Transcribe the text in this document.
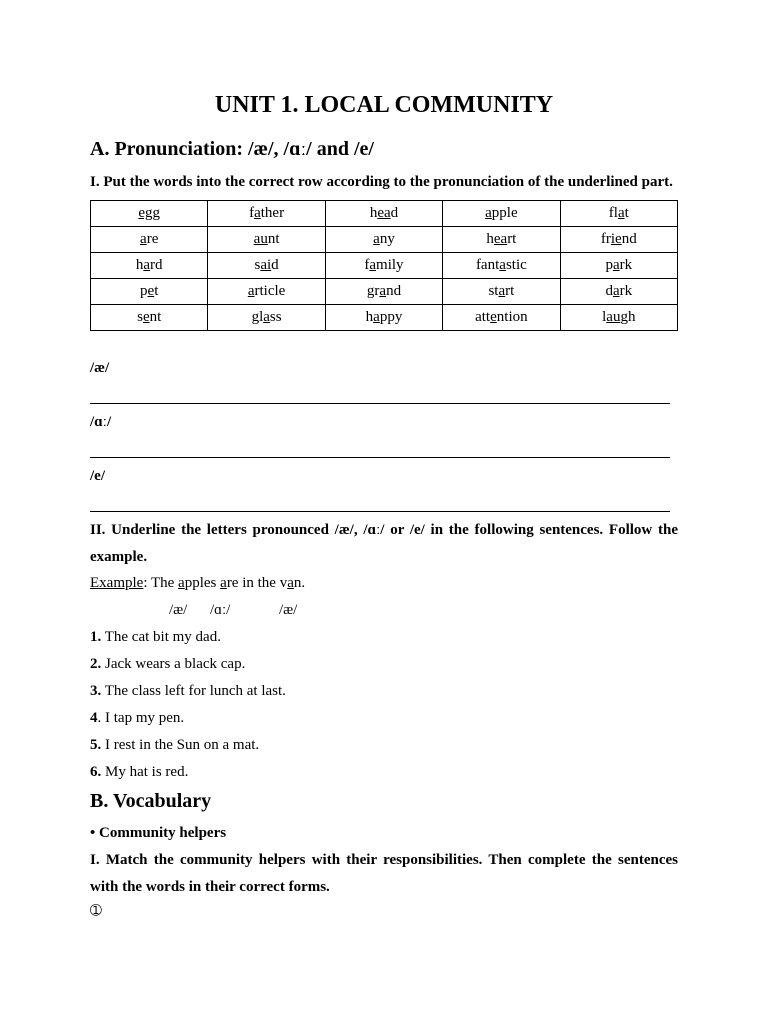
UNIT 1. LOCAL COMMUNITY
A. Pronunciation: /æ/, /ɑː/ and /e/
I. Put the words into the correct row according to the pronunciation of the underlined part.
egg	father	head	apple	flat
are	aunt	any	heart	friend
hard	said	family	fantastic	park
pet	article	grand	start	dark
sent	glass	happy	attention	laugh
/æ/
/ɑː/
/e/
II. Underline the letters pronounced /æ/, /ɑː/ or /e/ in the following sentences. Follow the
example.
Example: The apples are in the van.
/æ/ /ɑː/	/æ/
1. The cat bit my dad.
2. Jack wears a black cap.
3. The class left for lunch at last.
4. I tap my pen.
5. I rest in the Sun on a mat.
6. My hat is red.
B. Vocabulary
• Community helpers
I. Match the community helpers with their responsibilities. Then complete the sentences
with the words in their correct forms.
➀
